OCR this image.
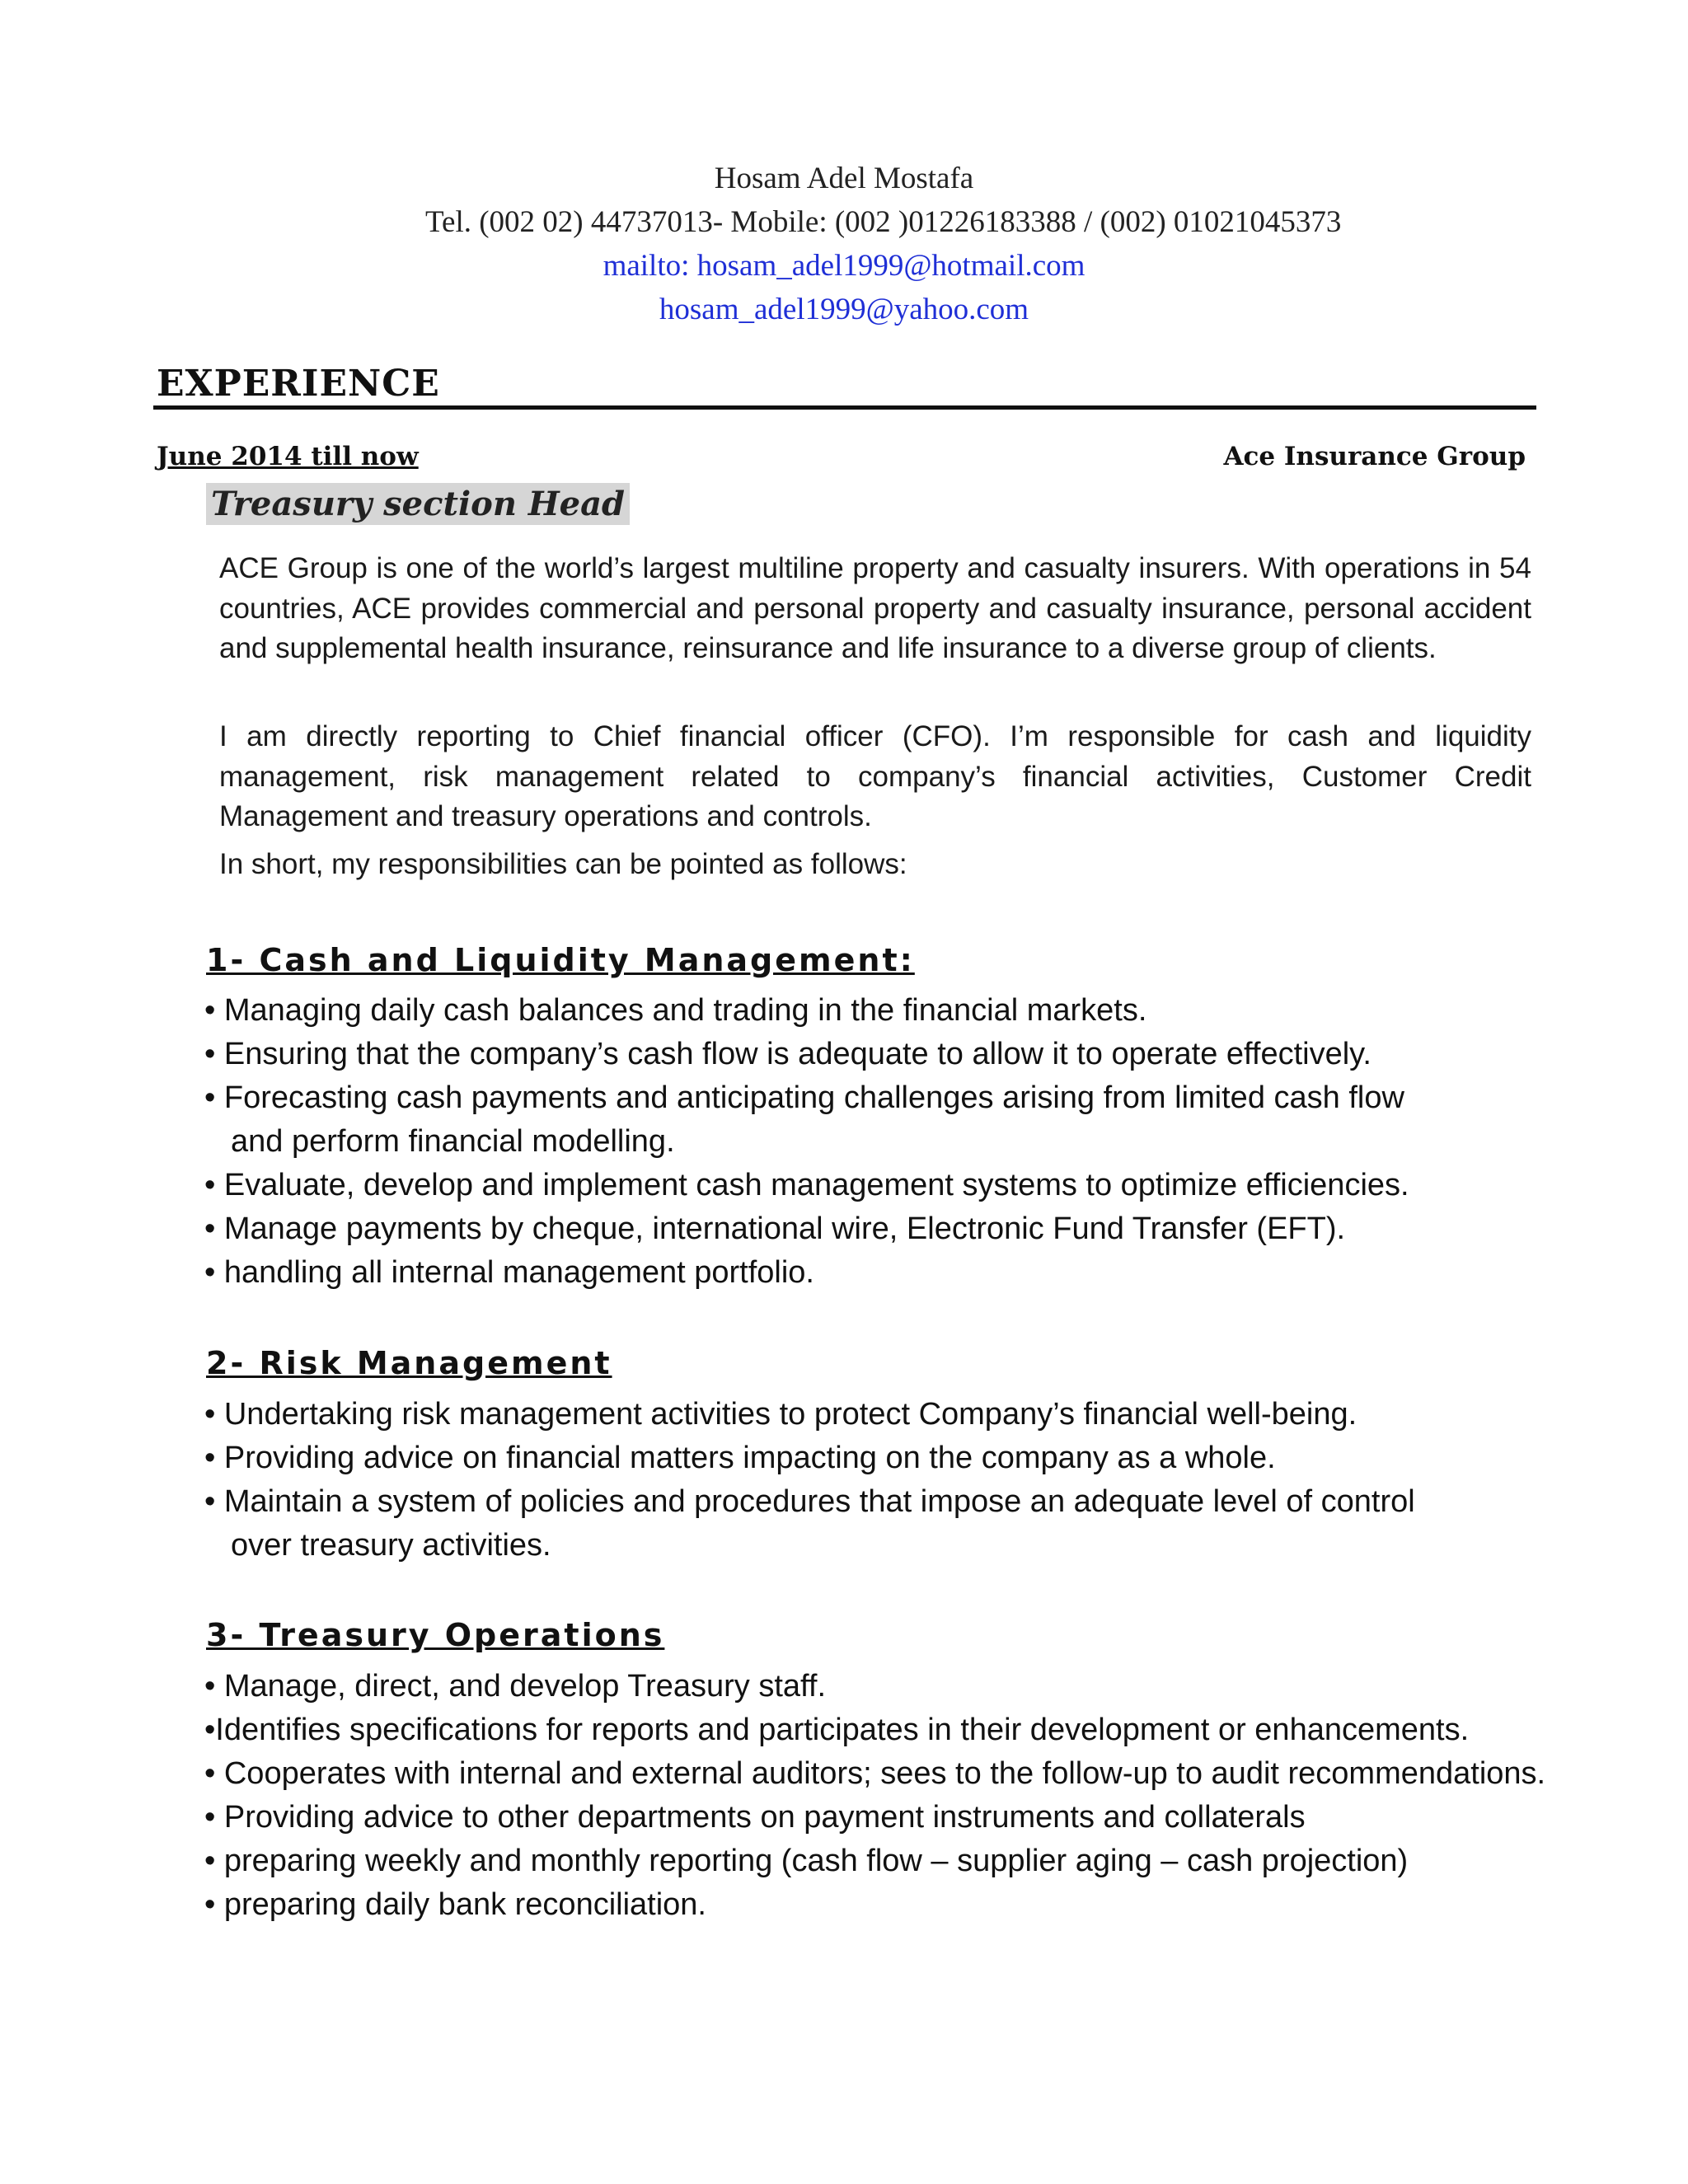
Hosam Adel Mostafa
Tel. (002 02) 44737013- Mobile: (002 )01226183388 / (002) 01021045373
mailto: hosam_adel1999@hotmail.com
hosam_adel1999@yahoo.com
EXPERIENCE
June 2014 till now	Ace Insurance Group
Treasury section Head

ACE Group is one of the world’s largest multiline property and casualty insurers. With operations in 54 countries, ACE provides commercial and personal property and casualty insurance, personal accident and supplemental health insurance, reinsurance and life insurance to a diverse group of clients.

I am directly reporting to Chief financial officer (CFO). I’m responsible for cash and liquidity management, risk management related to company’s financial activities, Customer Credit Management and treasury operations and controls.

In short, my responsibilities can be pointed as follows:

1- Cash and Liquidity Management:
• Managing daily cash balances and trading in the financial markets.
• Ensuring that the company’s cash flow is adequate to allow it to operate effectively.
• Forecasting cash payments and anticipating challenges arising from limited cash flow
and perform financial modelling.
• Evaluate, develop and implement cash management systems to optimize efficiencies.
• Manage payments by cheque, international wire, Electronic Fund Transfer (EFT).
• handling all internal management portfolio.
2- Risk Management
• Undertaking risk management activities to protect Company’s financial well-being.
• Providing advice on financial matters impacting on the company as a whole.
• Maintain a system of policies and procedures that impose an adequate level of control
over treasury activities.
3- Treasury Operations
• Manage, direct, and develop Treasury staff.
•Identifies specifications for reports and participates in their development or enhancements.
• Cooperates with internal and external auditors; sees to the follow-up to audit recommendations.
• Providing advice to other departments on payment instruments and collaterals
• preparing weekly and monthly reporting (cash flow – supplier aging – cash projection)
• preparing daily bank reconciliation.
